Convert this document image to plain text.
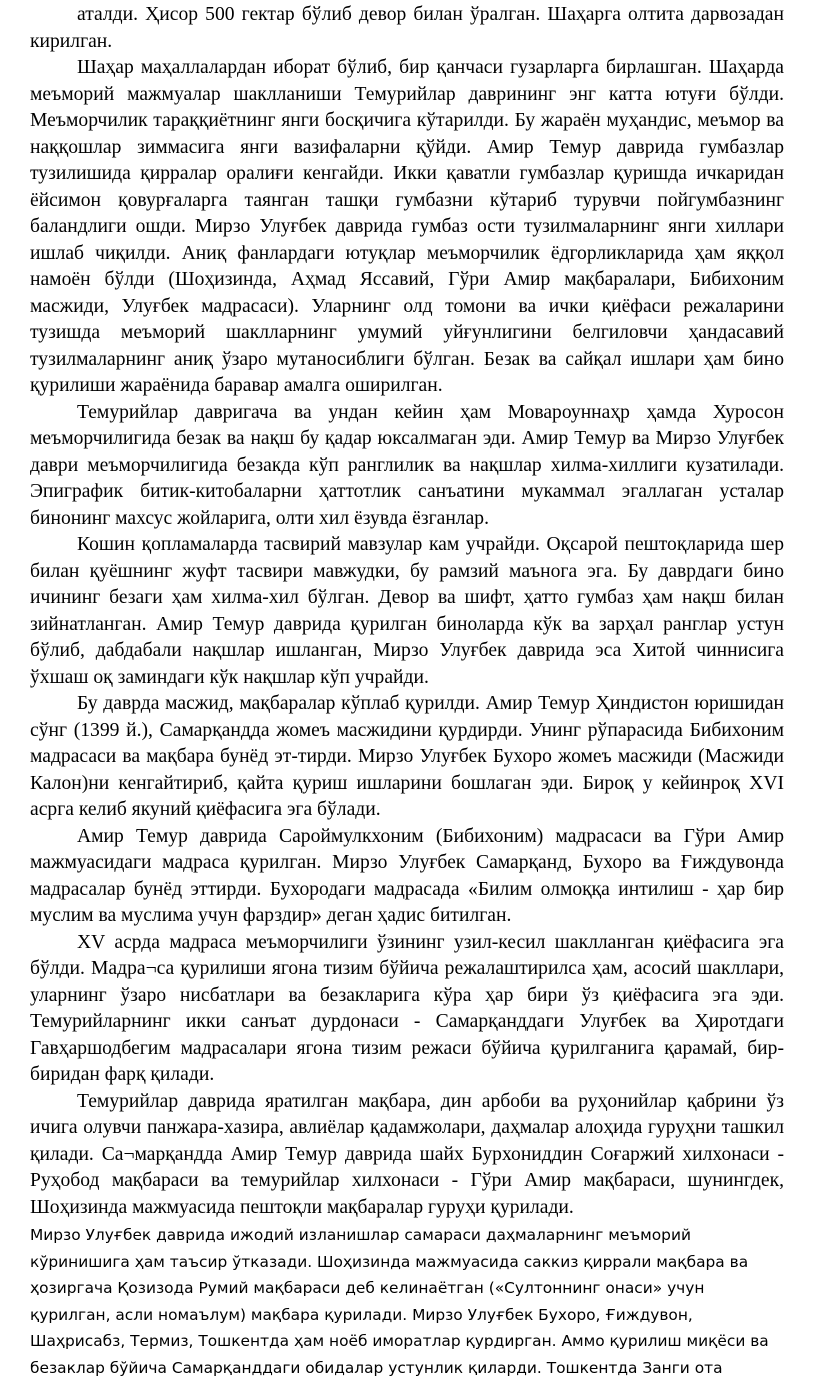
аталди. Ҳисор 500 гектар бўлиб девор билан ўралган. Шаҳарга олтита дарвозадан кирилган.

Шаҳар маҳаллалардан иборат бўлиб, бир қанчаси гузарларга бирлашган. Шаҳарда меъморий мажмуалар шаклланиши Темурийлар даврининг энг катта ютуғи бўлди. Меъморчилик тараққиётнинг янги босқичига кўтарилди. Бу жараён муҳандис, меъмор ва наққошлар зиммасига янги вазифаларни қўйди. Амир Темур даврида гумбазлар тузилишида қирралар оралиғи кенгайди. Икки қаватли гумбазлар қуришда ичкаридан ёйсимон қовурғаларга таянган ташқи гумбазни кўтариб турувчи пойгумбазнинг баландлиги ошди. Мирзо Улуғбек даврида гумбаз ости тузилмаларнинг янги хиллари ишлаб чиқилди. Аниқ фанлардаги ютуқлар меъморчилик ёдгорликларида ҳам яққол намоён бўлди (Шоҳизинда, Аҳмад Яссавий, Гўри Амир мақбаралари, Бибихоним масжиди, Улуғбек мадрасаси). Уларнинг олд томони ва ички қиёфаси режаларини тузишда меъморий шаклларнинг умумий уйғунлигини белгиловчи ҳандасавий тузилмаларнинг аниқ ўзаро мутаносиблиги бўлган. Безак ва сайқал ишлари ҳам бино қурилиши жараёнида баравар амалга оширилган.

Темурийлар давригача ва ундан кейин ҳам Мовароуннаҳр ҳамда Хуросон меъморчилигида безак ва нақш бу қадар юксалмаган эди. Амир Темур ва Мирзо Улуғбек даври меъморчилигида безакда кўп ранглилик ва нақшлар хилма-хиллиги кузатилади. Эпиграфик битик-китобаларни ҳаттотлик санъатини мукаммал эгаллаган усталар бинонинг махсус жойларига, олти хил ёзувда ёзганлар.

Кошин қопламаларда тасвирий мавзулар кам учрайди. Оқсарой пештоқларида шер билан қуёшнинг жуфт тасвири мавжудки, бу рамзий маънога эга. Бу даврдаги бино ичининг безаги ҳам хилма-хил бўлган. Девор ва шифт, ҳатто гумбаз ҳам нақш билан зийнатланган. Амир Темур даврида қурилган биноларда кўк ва зарҳал ранглар устун бўлиб, дабдабали нақшлар ишланган, Мирзо Улуғбек даврида эса Хитой чиннисига ўхшаш оқ заминдаги кўк нақшлар кўп учрайди.

Бу даврда масжид, мақбаралар кўплаб қурилди. Амир Темур Ҳиндистон юришидан сўнг (1399 й.), Самарқандда жомеъ масжидини қурдирди. Унинг рўпарасида Бибихоним мадрасаси ва мақбара бунёд эт-тирди. Мирзо Улуғбек Бухоро жомеъ масжиди (Масжиди Калон)ни кенгайтириб, қайта қуриш ишларини бошлаган эди. Бироқ у кейинроқ XVI асрга келиб якуний қиёфасига эга бўлади.

Амир Темур даврида Сароймулкхоним (Бибихоним) мадрасаси ва Гўри Амир мажмуасидаги мадраса қурилган. Мирзо Улуғбек Самарқанд, Бухоро ва Ғиждувонда мадрасалар бунёд эттирди. Бухородаги мадрасада «Билим олмоққа интилиш - ҳар бир муслим ва муслима учун фарздир» деган ҳадис битилган.

XV асрда мадраса меъморчилиги ўзининг узил-кесил шаклланган қиёфасига эга бўлди. Мадра¬са қурилиши ягона тизим бўйича режалаштирилса ҳам, асосий шакллари, уларнинг ўзаро нисбатлари ва безакларига кўра ҳар бири ўз қиёфасига эга эди. Темурийларнинг икки санъат дурдонаси - Самарқанддаги Улуғбек ва Ҳиротдаги Гавҳаршодбегим мадрасалари ягона тизим режаси бўйича қурилганига қарамай, бир-биридан фарқ қилади.

Темурийлар даврида яратилган мақбара, дин арбоби ва руҳонийлар қабрини ўз ичига олувчи панжара-хазира, авлиёлар қадамжолари, даҳмалар алоҳида гуруҳни ташкил қилади. Са¬марқандда Амир Темур даврида шайх Бурхониддин Соғаржий хилхонаси - Руҳобод мақбараси ва темурийлар хилхонаси - Гўри Амир мақбараси, шунингдек, Шоҳизинда мажмуасида пештоқли мақбаралар гуруҳи қурилади.

Мирзо Улуғбек даврида ижодий изланишлар самараси даҳмаларнинг меъморий кўринишига ҳам таъсир ўтказади. Шоҳизинда мажмуасида саккиз қиррали мақбара ва ҳозиргача Қозизода Румий мақбараси деб келинаётган («Султоннинг онаси» учун қурилган, асли номаълум) мақбара қурилади. Мирзо Улуғбек Бухоро, Ғиждувон, Шаҳрисабз, Термиз, Тошкентда ҳам ноёб иморатлар қурдирган. Аммо қурилиш миқёси ва безаклар бўйича Самарқанддаги обидалар устунлик қиларди. Тошкентда Занги ота
